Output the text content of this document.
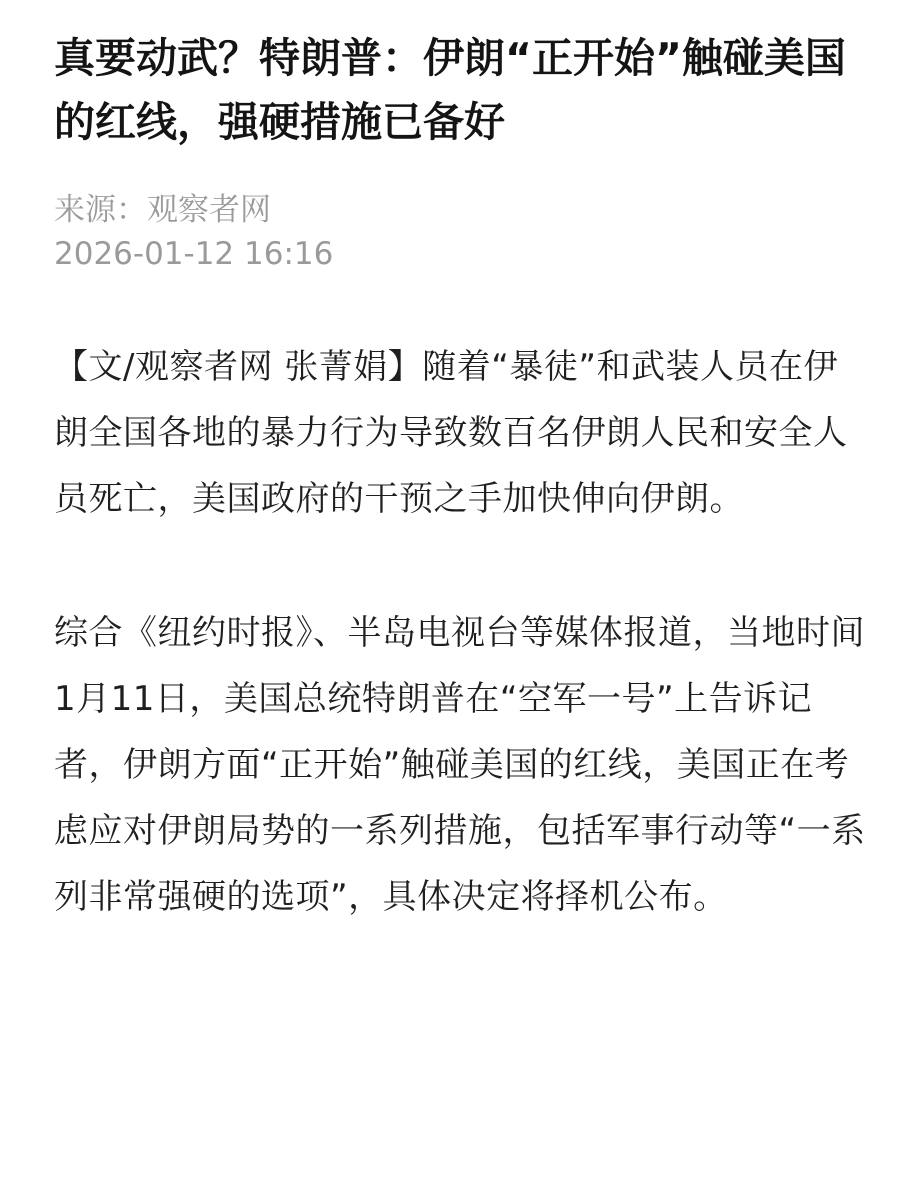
真要动武？特朗普：伊朗“正开始”触碰美国的红线，强硬措施已备好
来源：观察者网
2026-01-12 16:16

【文/观察者网 张菁娟】随着“暴徒”和武装人员在伊朗全国各地的暴力行为导致数百名伊朗人民和安全人员死亡，美国政府的干预之手加快伸向伊朗。

综合《纽约时报》、半岛电视台等媒体报道，当地时间1月11日，美国总统特朗普在“空军一号”上告诉记者，伊朗方面“正开始”触碰美国的红线，美国正在考虑应对伊朗局势的一系列措施，包括军事行动等“一系列非常强硬的选项”，具体决定将择机公布。
